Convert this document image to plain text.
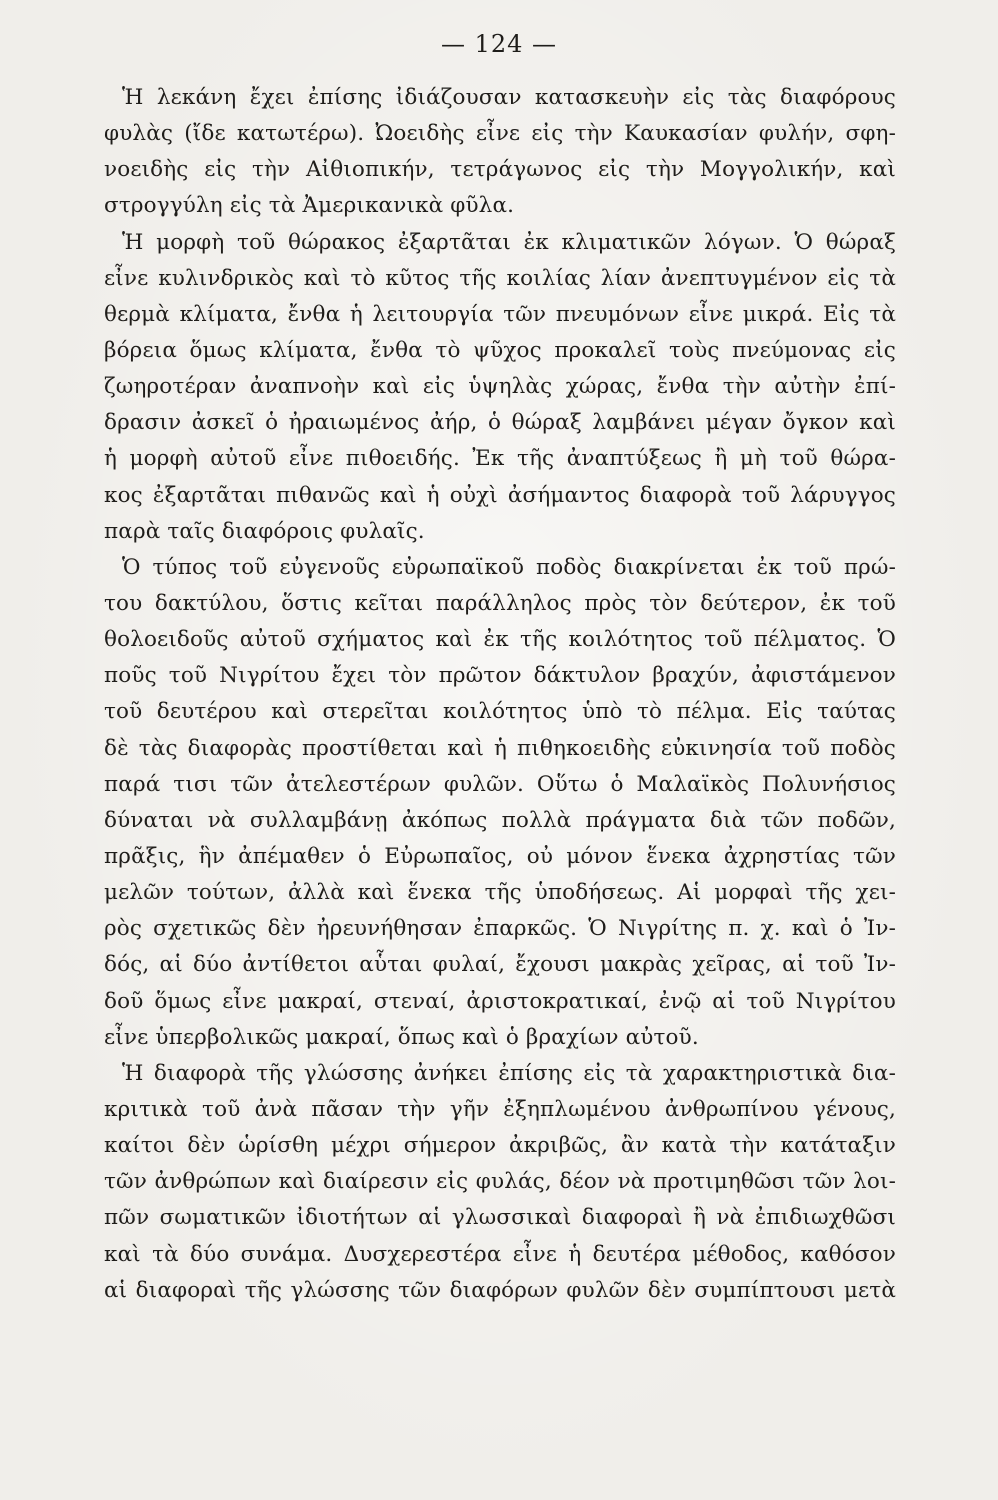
— 124 —
Ἡ λεκάνη ἔχει ἐπίσης ἰδιάζουσαν κατασκευὴν εἰς τὰς διαφόρους
φυλὰς (ἴδε κατωτέρω). Ὠοειδὴς εἶνε εἰς τὴν Καυκασίαν φυλήν, σφη-
νοειδὴς εἰς τὴν Αἰθιοπικήν, τετράγωνος εἰς τὴν Μογγολικήν, καὶ
στρογγύλη εἰς τὰ Ἀμερικανικὰ φῦλα.
Ἡ μορφὴ τοῦ θώρακος ἐξαρτᾶται ἐκ κλιματικῶν λόγων. Ὁ θώραξ
εἶνε κυλινδρικὸς καὶ τὸ κῦτος τῆς κοιλίας λίαν ἀνεπτυγμένον εἰς τὰ
θερμὰ κλίματα, ἔνθα ἡ λειτουργία τῶν πνευμόνων εἶνε μικρά. Εἰς τὰ
βόρεια ὅμως κλίματα, ἔνθα τὸ ψῦχος προκαλεῖ τοὺς πνεύμονας εἰς
ζωηροτέραν ἀναπνοὴν καὶ εἰς ὑψηλὰς χώρας, ἔνθα τὴν αὐτὴν ἐπί-
δρασιν ἀσκεῖ ὁ ἠραιωμένος ἀήρ, ὁ θώραξ λαμβάνει μέγαν ὄγκον καὶ
ἡ μορφὴ αὐτοῦ εἶνε πιθοειδής. Ἐκ τῆς ἀναπτύξεως ἢ μὴ τοῦ θώρα-
κος ἐξαρτᾶται πιθανῶς καὶ ἡ οὐχὶ ἀσήμαντος διαφορὰ τοῦ λάρυγγος
παρὰ ταῖς διαφόροις φυλαῖς.
Ὁ τύπος τοῦ εὐγενοῦς εὐρωπαϊκοῦ ποδὸς διακρίνεται ἐκ τοῦ πρώ-
του δακτύλου, ὅστις κεῖται παράλληλος πρὸς τὸν δεύτερον, ἐκ τοῦ
θολοειδοῦς αὐτοῦ σχήματος καὶ ἐκ τῆς κοιλότητος τοῦ πέλματος. Ὁ
ποῦς τοῦ Νιγρίτου ἔχει τὸν πρῶτον δάκτυλον βραχύν, ἀφιστάμενον
τοῦ δευτέρου καὶ στερεῖται κοιλότητος ὑπὸ τὸ πέλμα. Εἰς ταύτας
δὲ τὰς διαφορὰς προστίθεται καὶ ἡ πιθηκοειδὴς εὐκινησία τοῦ ποδὸς
παρά τισι τῶν ἀτελεστέρων φυλῶν. Οὕτω ὁ Μαλαϊκὸς Πολυνήσιος
δύναται νὰ συλλαμβάνῃ ἀκόπως πολλὰ πράγματα διὰ τῶν ποδῶν,
πρᾶξις, ἣν ἀπέμαθεν ὁ Εὐρωπαῖος, οὐ μόνον ἕνεκα ἀχρηστίας τῶν
μελῶν τούτων, ἀλλὰ καὶ ἕνεκα τῆς ὑποδήσεως. Αἱ μορφαὶ τῆς χει-
ρὸς σχετικῶς δὲν ἠρευνήθησαν ἐπαρκῶς. Ὁ Νιγρίτης π. χ. καὶ ὁ Ἰν-
δός, αἱ δύο ἀντίθετοι αὗται φυλαί, ἔχουσι μακρὰς χεῖρας, αἱ τοῦ Ἰν-
δοῦ ὅμως εἶνε μακραί, στεναί, ἀριστοκρατικαί, ἐνῷ αἱ τοῦ Νιγρίτου
εἶνε ὑπερβολικῶς μακραί, ὅπως καὶ ὁ βραχίων αὐτοῦ.
Ἡ διαφορὰ τῆς γλώσσης ἀνήκει ἐπίσης εἰς τὰ χαρακτηριστικὰ δια-
κριτικὰ τοῦ ἀνὰ πᾶσαν τὴν γῆν ἐξηπλωμένου ἀνθρωπίνου γένους,
καίτοι δὲν ὡρίσθη μέχρι σήμερον ἀκριβῶς, ἂν κατὰ τὴν κατάταξιν
τῶν ἀνθρώπων καὶ διαίρεσιν εἰς φυλάς, δέον νὰ προτιμηθῶσι τῶν λοι-
πῶν σωματικῶν ἰδιοτήτων αἱ γλωσσικαὶ διαφοραὶ ἢ νὰ ἐπιδιωχθῶσι
καὶ τὰ δύο συνάμα. Δυσχερεστέρα εἶνε ἡ δευτέρα μέθοδος, καθόσον
αἱ διαφοραὶ τῆς γλώσσης τῶν διαφόρων φυλῶν δὲν συμπίπτουσι μετὰ
